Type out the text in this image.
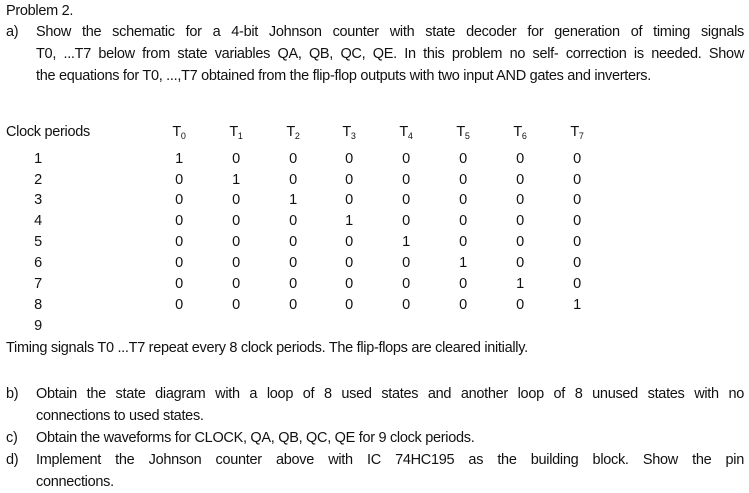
Problem 2.
a) Show the schematic for a 4-bit Johnson counter with state decoder for generation of timing signals
T0, ...T7 below from state variables QA, QB, QC, QE. In this problem no self- correction is needed. Show
the equations for T0, ...,T7 obtained from the flip-flop outputs with two input AND gates and inverters.
Clock periods	$T_0$	$T_1$	$T_2$	$T_3$	$T_4$	$T_5$	$T_6$	$T_7$
1	1	0	0	0	0	0	0	0
2	0	1	0	0	0	0	0	0
3	0	0	1	0	0	0	0	0
4	0	0	0	1	0	0	0	0
5	0	0	0	0	1	0	0	0
6	0	0	0	0	0	1	0	0
7	0	0	0	0	0	0	1	0
8	0	0	0	0	0	0	0	1
9
Timing signals T0 ...T7 repeat every 8 clock periods. The flip-flops are cleared initially.
b) Obtain the state diagram with a loop of 8 used states and another loop of 8 unused states with no
connections to used states.
c) Obtain the waveforms for CLOCK, QA, QB, QC, QE for 9 clock periods.
d) Implement the Johnson counter above with IC 74HC195 as the building block. Show the pin
connections.
